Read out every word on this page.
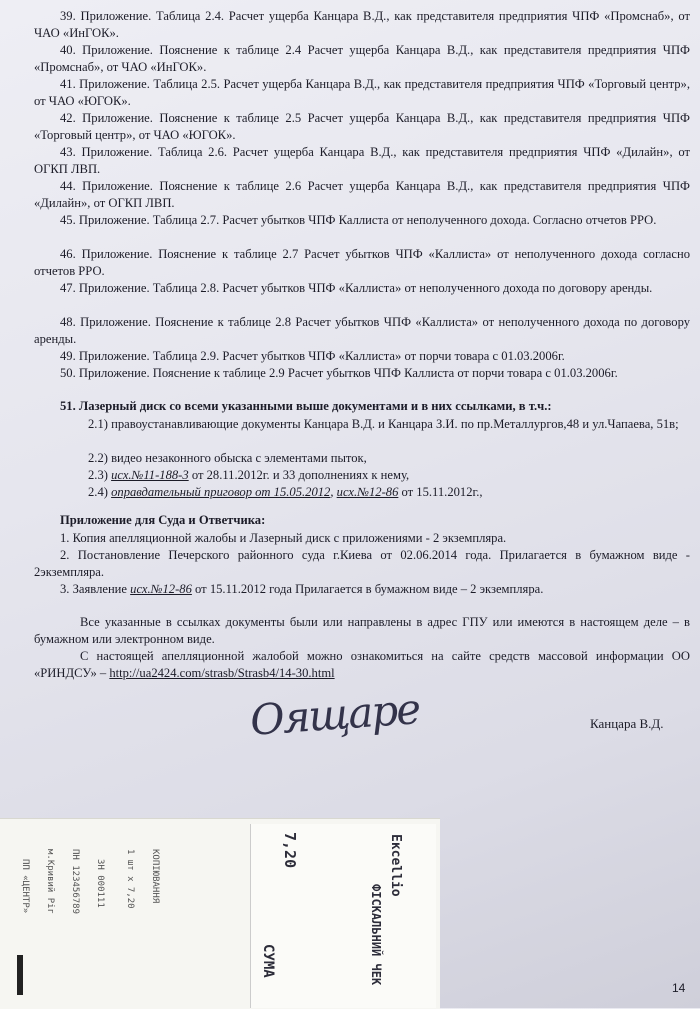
39. Приложение. Таблица 2.4. Расчет ущерба Канцара В.Д., как представителя предприятия ЧПФ «Промснаб», от ЧАО «ИнГОК».
40. Приложение. Пояснение к таблице 2.4 Расчет ущерба Канцара В.Д., как представителя предприятия ЧПФ «Промснаб», от ЧАО «ИнГОК».
41. Приложение. Таблица 2.5. Расчет ущерба Канцара В.Д., как представителя предприятия ЧПФ «Торговый центр», от ЧАО «ЮГОК».
42. Приложение. Пояснение к таблице 2.5 Расчет ущерба Канцара В.Д., как представителя предприятия ЧПФ «Торговый центр», от ЧАО «ЮГОК».
43. Приложение. Таблица 2.6. Расчет ущерба Канцара В.Д., как представителя предприятия ЧПФ «Дилайн», от ОГКП ЛВП.
44. Приложение. Пояснение к таблице 2.6 Расчет ущерба Канцара В.Д., как представителя предприятия ЧПФ «Дилайн», от ОГКП ЛВП.
45. Приложение. Таблица 2.7. Расчет убытков ЧПФ Каллиста от неполученного дохода. Согласно отчетов РРО.
46. Приложение. Пояснение к таблице 2.7 Расчет убытков ЧПФ «Каллиста» от неполученного дохода согласно отчетов РРО.
47. Приложение. Таблица 2.8. Расчет убытков ЧПФ «Каллиста» от неполученного дохода по договору аренды.
48. Приложение. Пояснение к таблице 2.8 Расчет убытков ЧПФ «Каллиста» от неполученного дохода по договору аренды.
49. Приложение. Таблица 2.9. Расчет убытков ЧПФ «Каллиста» от порчи товара с 01.03.2006г.
50. Приложение. Пояснение к таблице 2.9 Расчет убытков ЧПФ Каллиста от порчи товара с 01.03.2006г.
51. Лазерный диск со всеми указанными выше документами и в них ссылками, в т.ч.:
2.1) правоустанавливающие документы Канцара В.Д. и Канцара З.И. по пр.Металлургов,48 и ул.Чапаева, 51в;
2.2) видео незаконного обыска с элементами пыток,
2.3) исх.№11-188-3 от 28.11.2012г. и 33 дополнениях к нему,
2.4) оправдательный приговор от 15.05.2012, исх.№12-86 от 15.11.2012г.,
Приложение для Суда и Ответчика:
1. Копия апелляционной жалобы и Лазерный диск с приложениями - 2 экземпляра.
2. Постановление Печерского районного суда г.Киева от 02.06.2014 года. Прилагается в бумажном виде - 2экземпляра.
3. Заявление исх.№12-86 от 15.11.2012 года Прилагается в бумажном виде – 2 экземпляра.
Все указанные в ссылках документы были или направлены в адрес ГПУ или имеются в настоящем деле – в бумажном или электронном виде.
С настоящей апелляционной жалобой можно ознакомиться на сайте средств массовой информации ОО «РИНДСУ» – http://ua2424.com/strasb/Strasb4/14-30.html
Оящаре	Канцара В.Д.
ПП «ЦЕНТР» м.Кривий Ріг ПН 123456789 ЗН 000111 1 шт х 7,20 КОПІЮВАННЯ	7,20
СУМА
Ексellio
ФІСКАЛЬНИЙ ЧЕК
14
